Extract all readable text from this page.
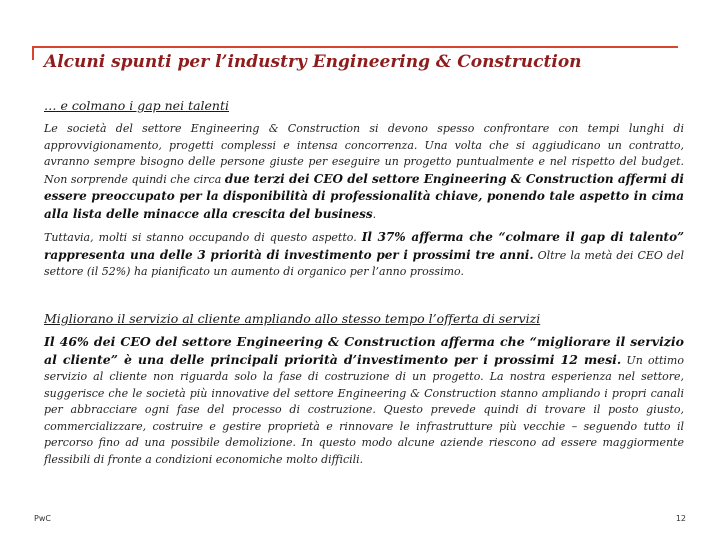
Alcuni spunti per l’industry Engineering & Construction
… e colmano i gap nei talenti
Le società del settore Engineering & Construction si devono spesso confrontare con tempi lunghi di approvvigionamento, progetti complessi e intensa concorrenza. Una volta che si aggiudicano un contratto, avranno sempre bisogno delle persone giuste per eseguire un progetto puntualmente e nel rispetto del budget. Non sorprende quindi che circa due terzi dei CEO del settore Engineering & Construction affermi di essere preoccupato per la disponibilità di professionalità chiave, ponendo tale aspetto in cima alla lista delle minacce alla crescita del business.
Tuttavia, molti si stanno occupando di questo aspetto. Il 37% afferma che “colmare il gap di talento” rappresenta una delle 3 priorità di investimento per i prossimi tre anni. Oltre la metà dei CEO del settore (il 52%) ha pianificato un aumento di organico per l’anno prossimo.
Migliorano il servizio al cliente ampliando allo stesso tempo l’offerta di servizi
Il 46% dei CEO del settore Engineering & Construction afferma che “migliorare il servizio al cliente” è una delle principali priorità d’investimento per i prossimi 12 mesi. Un ottimo servizio al cliente non riguarda solo la fase di costruzione di un progetto. La nostra esperienza nel settore, suggerisce che le società più innovative del settore Engineering & Construction stanno ampliando i propri canali per abbracciare ogni fase del processo di costruzione. Questo prevede quindi di trovare il posto giusto, commercializzare, costruire e gestire proprietà e rinnovare le infrastrutture più vecchie – seguendo tutto il percorso fino ad una possibile demolizione. In questo modo alcune aziende riescono ad essere maggiormente flessibili di fronte a condizioni economiche molto difficili.
PwC	12
